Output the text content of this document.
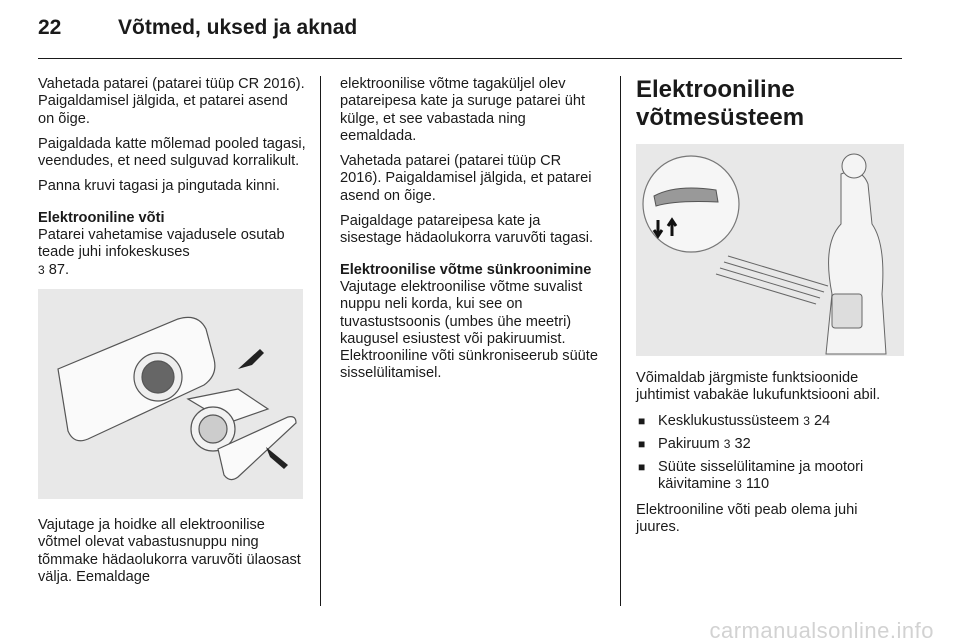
22	Võtmed, uksed ja aknad

Vahetada patarei (patarei tüüp CR 2016). Paigaldamisel jälgida, et patarei asend on õige.

Paigaldada katte mõlemad pooled tagasi, veendudes, et need sulguvad korralikult.

Panna kruvi tagasi ja pingutada kinni.

Elektrooniline võti
Patarei vahetamise vajadusele osutab teade juhi infokeskuses
3 87.

Vajutage ja hoidke all elektroonilise võtmel olevat vabastusnuppu ning tõmmake hädaolukorra varuvõti ülaosast välja. Eemaldage

elektroonilise võtme tagaküljel olev patareipesa kate ja suruge patarei üht külge, et see vabastada ning eemaldada.

Vahetada patarei (patarei tüüp CR 2016). Paigaldamisel jälgida, et patarei asend on õige.

Paigaldage patareipesa kate ja sisestage hädaolukorra varuvõti tagasi.

Elektroonilise võtme sünkroonimine
Vajutage elektroonilise võtme suvalist nuppu neli korda, kui see on tuvastustsoonis (umbes ühe meetri) kaugusel esiustest või pakiruumist. Elektrooniline võti sünkroniseerub süüte sisselülitamisel.

Elektrooniline
võtmesüsteem

Võimaldab järgmiste funktsioonide juhtimist vabakäe lukufunktsiooni abil.

■ Kesklukustussüsteem 3 24
■ Pakiruum 3 32
■ Süüte sisselülitamine ja mootori käivitamine 3 110

Elektrooniline võti peab olema juhi juures.

carmanualsonline.info
